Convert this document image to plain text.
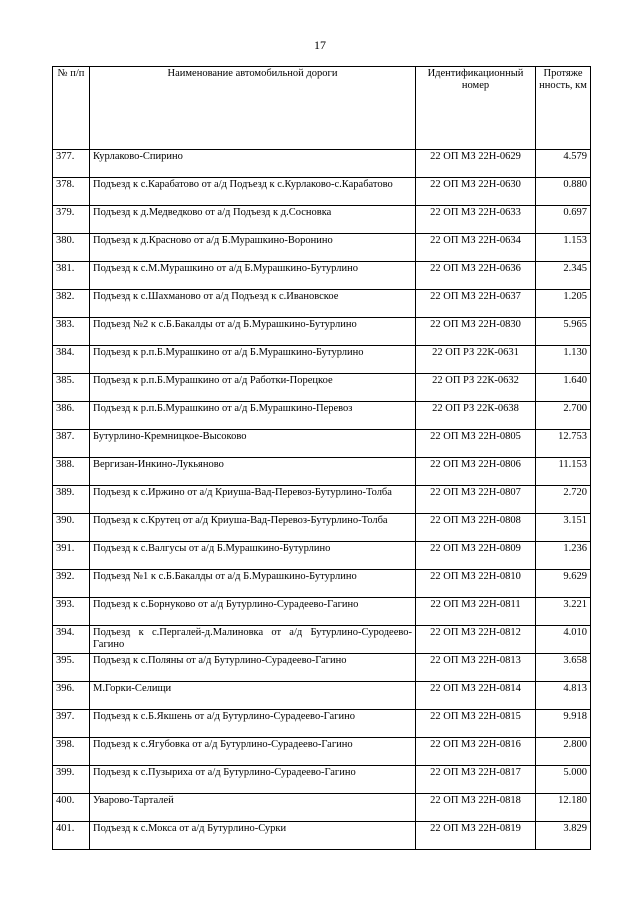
17
№ п/п	Наименование автомобильной дороги	Идентификационный номер	Протяже нность, км
377.	Курлаково-Спирино	22 ОП МЗ 22Н-0629	4.579
378.	Подъезд к с.Карабатово от а/д Подъезд к с.Курлаково-с.Карабатово	22 ОП МЗ 22Н-0630	0.880
379.	Подъезд к д.Медведково от а/д Подъезд к д.Сосновка	22 ОП МЗ 22Н-0633	0.697
380.	Подъезд к д.Красново от а/д Б.Мурашкино-Воронино	22 ОП МЗ 22Н-0634	1.153
381.	Подъезд к с.М.Мурашкино от а/д Б.Мурашкино-Бутурлино	22 ОП МЗ 22Н-0636	2.345
382.	Подъезд к с.Шахманово от а/д Подъезд к с.Ивановское	22 ОП МЗ 22Н-0637	1.205
383.	Подъезд №2 к с.Б.Бакалды от а/д Б.Мурашкино-Бутурлино	22 ОП МЗ 22Н-0830	5.965
384.	Подъезд к р.п.Б.Мурашкино от а/д Б.Мурашкино-Бутурлино	22 ОП РЗ 22К-0631	1.130
385.	Подъезд к р.п.Б.Мурашкино от а/д Работки-Порецкое	22 ОП РЗ 22К-0632	1.640
386.	Подъезд к р.п.Б.Мурашкино от а/д Б.Мурашкино-Перевоз	22 ОП РЗ 22К-0638	2.700
387.	Бутурлино-Кремницкое-Высоково	22 ОП МЗ 22Н-0805	12.753
388.	Вергизан-Инкино-Лукьяново	22 ОП МЗ 22Н-0806	11.153
389.	Подъезд к с.Иржино от а/д Криуша-Вад-Перевоз-Бутурлино-Толба	22 ОП МЗ 22Н-0807	2.720
390.	Подъезд к с.Крутец от а/д Криуша-Вад-Перевоз-Бутурлино-Толба	22 ОП МЗ 22Н-0808	3.151
391.	Подъезд к с.Валгусы от а/д Б.Мурашкино-Бутурлино	22 ОП МЗ 22Н-0809	1.236
392.	Подъезд №1 к с.Б.Бакалды от а/д Б.Мурашкино-Бутурлино	22 ОП МЗ 22Н-0810	9.629
393.	Подъезд к с.Борнуково от а/д Бутурлино-Сурадеево-Гагино	22 ОП МЗ 22Н-0811	3.221
394.	Подъезд к с.Пергалей-д.Малиновка от а/д Бутурлино-Суродеево-Гагино	22 ОП МЗ 22Н-0812	4.010
395.	Подъезд к с.Поляны от а/д Бутурлино-Сурадеево-Гагино	22 ОП МЗ 22Н-0813	3.658
396.	М.Горки-Селищи	22 ОП МЗ 22Н-0814	4.813
397.	Подъезд к с.Б.Якшень от а/д Бутурлино-Сурадеево-Гагино	22 ОП МЗ 22Н-0815	9.918
398.	Подъезд к с.Ягубовка от а/д Бутурлино-Сурадеево-Гагино	22 ОП МЗ 22Н-0816	2.800
399.	Подъезд к с.Пузыриха от а/д Бутурлино-Сурадеево-Гагино	22 ОП МЗ 22Н-0817	5.000
400.	Уварово-Тарталей	22 ОП МЗ 22Н-0818	12.180
401.	Подъезд к с.Мокса от а/д Бутурлино-Сурки	22 ОП МЗ 22Н-0819	3.829
